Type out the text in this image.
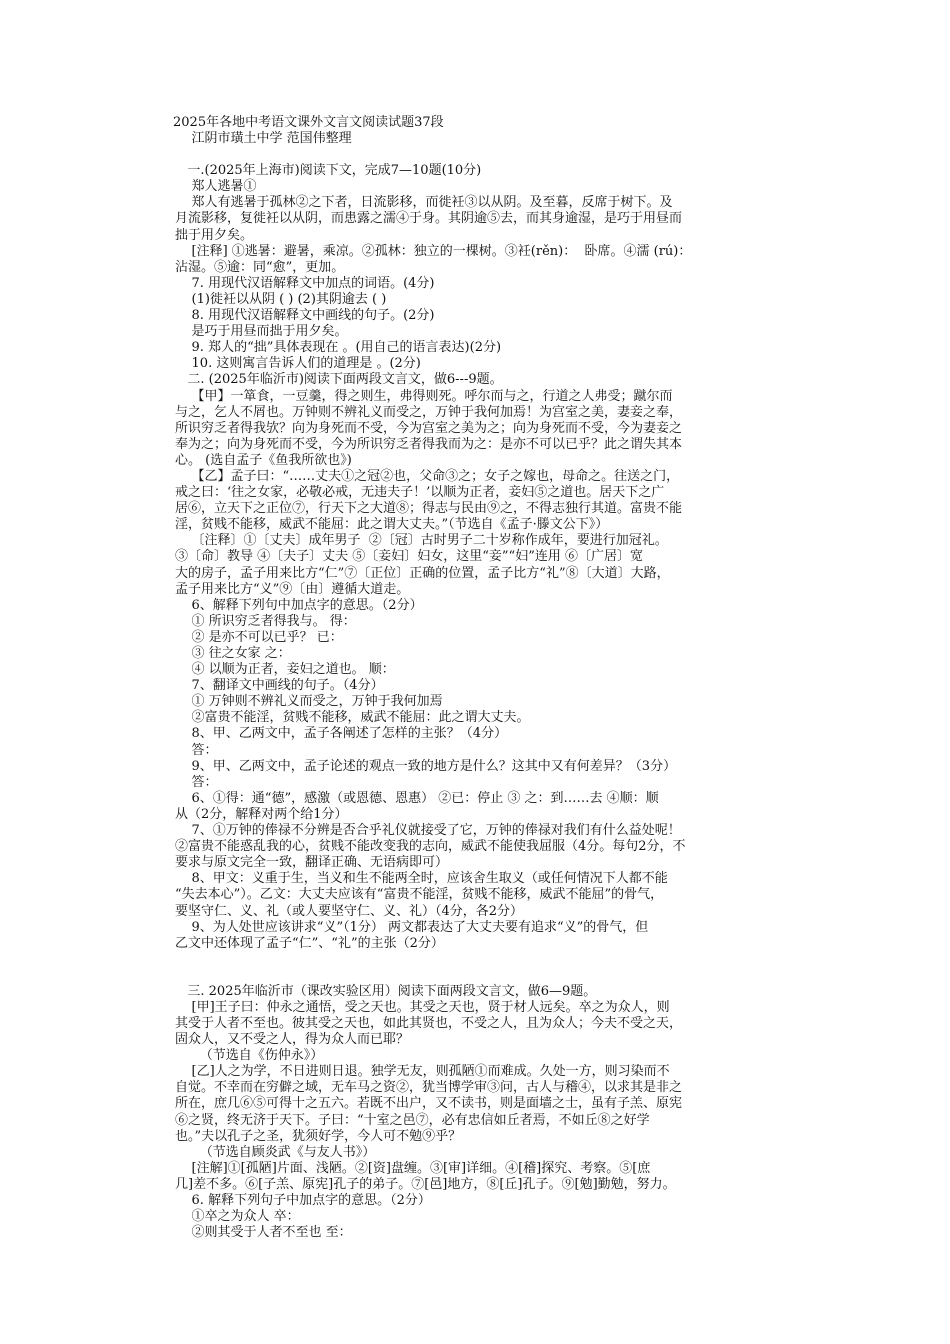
2025年各地中考语文课外文言文阅读试题37段
江阴市璜土中学 范国伟整理
一.(2025年上海市)阅读下文，完成7—10题(10分)
郑人逃暑①
郑人有逃暑于孤林②之下者，日流影移，而徙衽③以从阴。及至暮，反席于树下。及
月流影移，复徙衽以从阴，而患露之濡④于身。其阴逾⑤去，而其身逾湿，是巧于用昼而
拙于用夕矣。
[注释] ①逃暑：避暑，乘凉。②孤林：独立的一棵树。③衽(rěn)：  卧席。④濡 (rú)：
沾湿。⑤逾：同“愈”，更加。
7. 用现代汉语解释文中加点的词语。(4分)
(1)徙衽以从阴 ( ) (2)其阴逾去 ( )
8. 用现代汉语解释文中画线的句子。(2分)
是巧于用昼而拙于用夕矣。
9. 郑人的“拙”具体表现在 。(用自己的语言表达)(2分)
10. 这则寓言告诉人们的道理是 。(2分)
二. (2025年临沂市)阅读下面两段文言文，做6---9题。
【甲】一箪食，一豆羹，得之则生，弗得则死。呼尔而与之，行道之人弗受；蹴尔而
与之，乞人不屑也。万钟则不辨礼义而受之，万钟于我何加焉！为宫室之美，妻妾之奉，
所识穷乏者得我欤？向为身死而不受，今为宫室之美为之；向为身死而不受，今为妻妾之
奉为之；向为身死而不受，今为所识穷乏者得我而为之：是亦不可以已乎？此之谓失其本
心。 (选自孟子《鱼我所欲也》)
【乙】孟子曰：“……丈夫①之冠②也，父命③之；女子之嫁也，母命之。往送之门，
戒之曰：‘往之女家，必敬必戒，无违夫子！’以顺为正者，妾妇⑤之道也。居天下之广
居⑥，立天下之正位⑦，行天下之大道⑧；得志与民由⑨之，不得志独行其道。富贵不能
淫，贫贱不能移，威武不能屈：此之谓大丈夫。”（节选自《孟子·滕文公下》）
〔注释〕①〔丈夫〕成年男子  ②〔冠〕古时男子二十岁称作成年，要进行加冠礼。
③〔命〕教导 ④〔夫子〕丈夫 ⑤〔妾妇〕妇女，这里“妾”“妇”连用 ⑥〔广居〕宽
大的房子，孟子用来比方“仁”⑦〔正位〕正确的位置，孟子比方“礼”⑧〔大道〕大路，
孟子用来比方“义”⑨〔由〕遵循大道走。
6、解释下列句中加点字的意思。（2分）
① 所识穷乏者得我与。 得：
② 是亦不可以已乎？ 已：
③ 往之女家 之：
④ 以顺为正者，妾妇之道也。 顺：
7、翻译文中画线的句子。（4分）
① 万钟则不辨礼义而受之，万钟于我何加焉
②富贵不能淫，贫贱不能移，威武不能屈：此之谓大丈夫。
8、甲、乙两文中，孟子各阐述了怎样的主张？（4分）
答：
9、甲、乙两文中，孟子论述的观点一致的地方是什么？这其中又有何差异？（3分）
答：
6、①得：通“德”，感激（或恩德、恩惠） ②已：停止 ③ 之：到……去 ④顺：顺
从（2分，解释对两个给1分）
7、①万钟的俸禄不分辨是否合乎礼仪就接受了它，万钟的俸禄对我们有什么益处呢！
②富贵不能惑乱我的心，贫贱不能改变我的志向，威武不能使我屈服（4分。每句2分，不
要求与原文完全一致，翻译正确、无语病即可）
8、甲文：义重于生，当义和生不能两全时，应该舍生取义（或任何情况下人都不能
“失去本心”）。乙文：大丈夫应该有“富贵不能淫，贫贱不能移，威武不能屈”的骨气，
要坚守仁、义、礼（或人要坚守仁、义、礼）（4分，各2分）
9、为人处世应该讲求“义”（1分） 两文都表达了大丈夫要有追求“义”的骨气，但
乙文中还体现了孟子“仁”、“礼”的主张（2分）
三. 2025年临沂市（课改实验区用）阅读下面两段文言文，做6—9题。
[甲]王子曰：仲永之通悟，受之天也。其受之天也，贤于材人远矣。卒之为众人，则
其受于人者不至也。彼其受之天也，如此其贤也，不受之人，且为众人；今夫不受之天，
固众人，又不受之人，得为众人而已耶？
（节选自《伤仲永》）
[乙]人之为学，不日进则日退。独学无友，则孤陋①而难成。久处一方，则习染而不
自觉。不幸而在穷僻之域，无车马之资②，犹当博学审③问，古人与稽④，以求其是非之
所在，庶几⑥⑤可得十之五六。若既不出户，又不读书，则是面墙之士，虽有子羔、原宪
⑥之贤，终无济于天下。子曰：“十室之邑⑦，必有忠信如丘者焉，不如丘⑧之好学
也。”夫以孔子之圣，犹须好学，今人可不勉⑨乎？
（节选自顾炎武《与友人书》）
[注解]①[孤陋]片面、浅陋。②[资]盘缠。③[审]详细。④[稽]探究、考察。⑤[庶
几]差不多。⑥[子羔、原宪]孔子的弟子。⑦[邑]地方，⑧[丘]孔子。⑨[勉]勤勉，努力。
6. 解释下列句子中加点字的意思。（2分）
①卒之为众人 卒：
②则其受于人者不至也 至：
